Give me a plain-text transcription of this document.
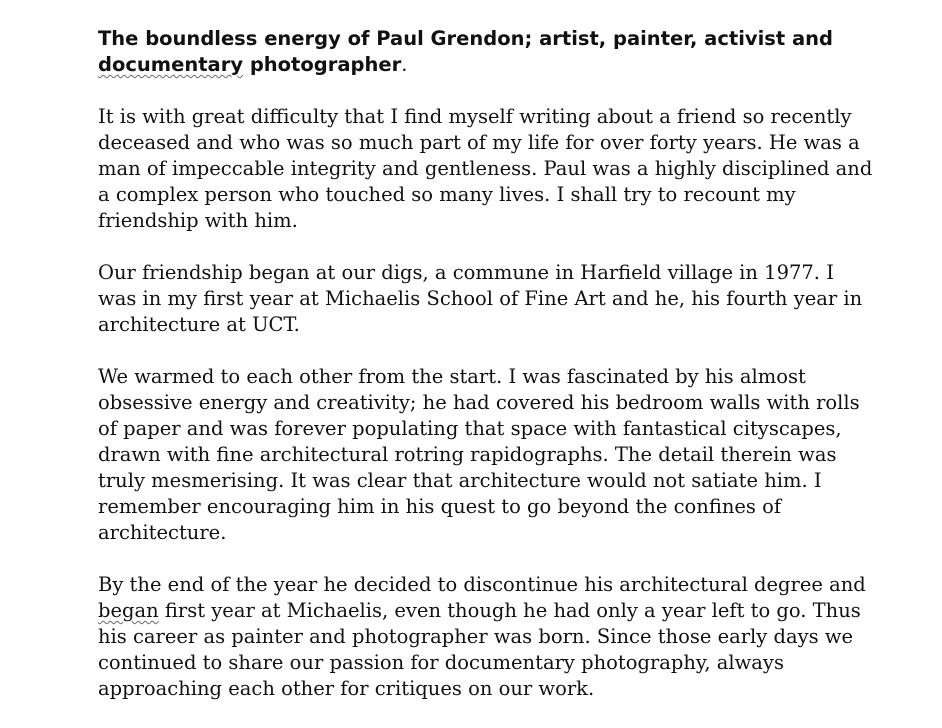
The boundless energy of Paul Grendon; artist, painter, activist and documentary photographer.

It is with great difficulty that I find myself writing about a friend so recently deceased and who was so much part of my life for over forty years. He was a man of impeccable integrity and gentleness. Paul was a highly disciplined and a complex person who touched so many lives. I shall try to recount my friendship with him.

Our friendship began at our digs, a commune in Harfield village in 1977. I was in my first year at Michaelis School of Fine Art and he, his fourth year in architecture at UCT.

We warmed to each other from the start. I was fascinated by his almost obsessive energy and creativity; he had covered his bedroom walls with rolls of paper and was forever populating that space with fantastical cityscapes, drawn with fine architectural rotring rapidographs. The detail therein was truly mesmerising. It was clear that architecture would not satiate him. I remember encouraging him in his quest to go beyond the confines of architecture.

By the end of the year he decided to discontinue his architectural degree and began first year at Michaelis, even though he had only a year left to go. Thus his career as painter and photographer was born. Since those early days we continued to share our passion for documentary photography, always approaching each other for critiques on our work.
